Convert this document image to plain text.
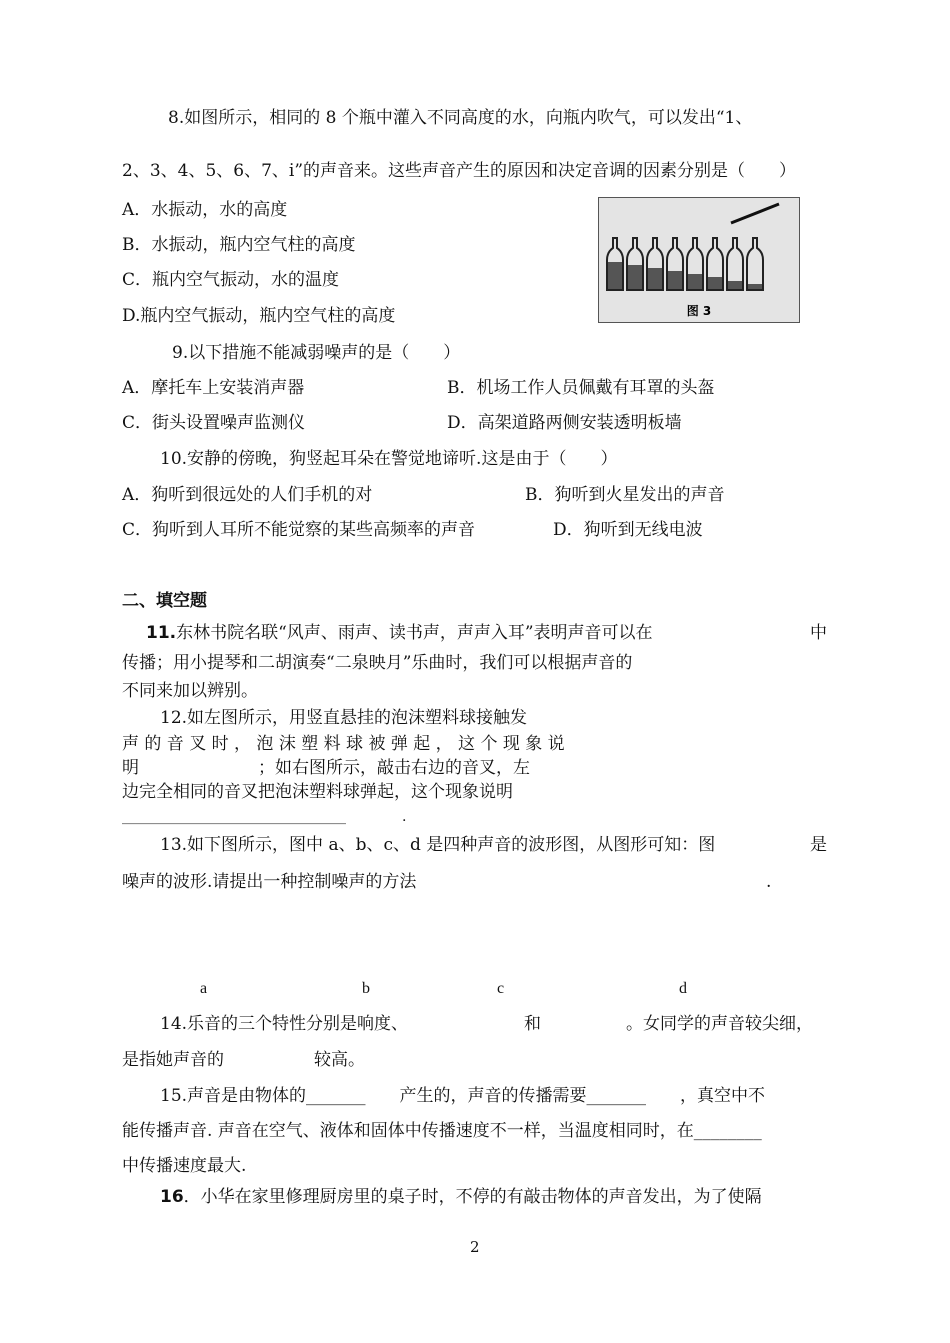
8.如图所示，相同的 8 个瓶中灌入不同高度的水，向瓶内吹气，可以发出“1、
2、3、4、5、6、7、i̇”的声音来。这些声音产生的原因和决定音调的因素分别是（　　）
A．水振动，水的高度
B．水振动，瓶内空气柱的高度
C．瓶内空气振动，水的温度
D.瓶内空气振动，瓶内空气柱的高度	图 3
9.以下措施不能减弱噪声的是（　　）
A．摩托车上安装消声器	B．机场工作人员佩戴有耳罩的头盔
C．街头设置噪声监测仪	D．高架道路两侧安装透明板墙
10.安静的傍晚，狗竖起耳朵在警觉地谛听.这是由于（　　）
A．狗听到很远处的人们手机的对	B．狗听到火星发出的声音
C．狗听到人耳所不能觉察的某些高频率的声音	D．狗听到无线电波
二、填空题
11.东林书院名联“风声、雨声、读书声，声声入耳”表明声音可以在	中
传播；用小提琴和二胡演奏“二泉映月”乐曲时，我们可以根据声音的
不同来加以辨别。
12.如左图所示，用竖直悬挂的泡沫塑料球接触发
声 的 音 叉 时 ， 泡 沫 塑 料 球 被 弹 起 ， 这 个 现 象 说
明　　　　　　　；如右图所示，敲击右边的音叉，左
边完全相同的音叉把泡沫塑料球弹起，这个现象说明
________________________________　　　　.
13.如下图所示，图中 a、b、c、d 是四种声音的波形图，从图形可知：图	是
噪声的波形.请提出一种控制噪声的方法	.
a	b	c	d
14.乐音的三个特性分别是响度、	和	。女同学的声音较尖细，
是指她声音的	较高。
15.声音是由物体的_______　　产生的，声音的传播需要_______　　，真空中不
能传播声音. 声音在空气、液体和固体中传播速度不一样，当温度相同时，在________
中传播速度最大.
16．小华在家里修理厨房里的桌子时，不停的有敲击物体的声音发出，为了使隔
2
